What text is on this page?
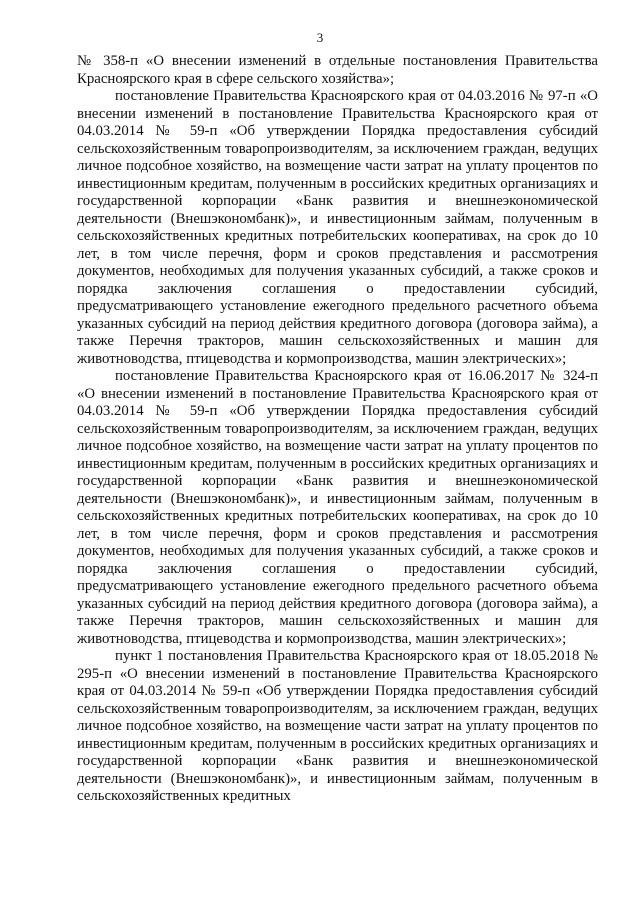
3

№ 358-п «О внесении изменений в отдельные постановления Правительства Красноярского края в сфере сельского хозяйства»;

постановление Правительства Красноярского края от 04.03.2016 № 97-п «О внесении изменений в постановление Правительства Красноярского края от 04.03.2014 № 59-п «Об утверждении Порядка предоставления субсидий сельскохозяйственным товаропроизводителям, за исключением граждан, ведущих личное подсобное хозяйство, на возмещение части затрат на уплату процентов по инвестиционным кредитам, полученным в российских кредитных организациях и государственной корпорации «Банк развития и внешнеэкономической деятельности (Внешэкономбанк)», и инвестиционным займам, полученным в сельскохозяйственных кредитных потребительских кооперативах, на срок до 10 лет, в том числе перечня, форм и сроков представления и рассмотрения документов, необходимых для получения указанных субсидий, а также сроков и порядка заключения соглашения о предоставлении субсидий, предусматривающего установление ежегодного предельного расчетного объема указанных субсидий на период действия кредитного договора (договора займа), а также Перечня тракторов, машин сельскохозяйственных и машин для животноводства, птицеводства и кормопроизводства, машин электрических»;

постановление Правительства Красноярского края от 16.06.2017 № 324-п «О внесении изменений в постановление Правительства Красноярского края от 04.03.2014 № 59-п «Об утверждении Порядка предоставления субсидий сельскохозяйственным товаропроизводителям, за исключением граждан, ведущих личное подсобное хозяйство, на возмещение части затрат на уплату процентов по инвестиционным кредитам, полученным в российских кредитных организациях и государственной корпорации «Банк развития и внешнеэкономической деятельности (Внешэкономбанк)», и инвестиционным займам, полученным в сельскохозяйственных кредитных потребительских кооперативах, на срок до 10 лет, в том числе перечня, форм и сроков представления и рассмотрения документов, необходимых для получения указанных субсидий, а также сроков и порядка заключения соглашения о предоставлении субсидий, предусматривающего установление ежегодного предельного расчетного объема указанных субсидий на период действия кредитного договора (договора займа), а также Перечня тракторов, машин сельскохозяйственных и машин для животноводства, птицеводства и кормопроизводства, машин электрических»;

пункт 1 постановления Правительства Красноярского края от 18.05.2018 № 295-п «О внесении изменений в постановление Правительства Красноярского края от 04.03.2014 № 59-п «Об утверждении Порядка предоставления субсидий сельскохозяйственным товаропроизводителям, за исключением граждан, ведущих личное подсобное хозяйство, на возмещение части затрат на уплату процентов по инвестиционным кредитам, полученным в российских кредитных организациях и государственной корпорации «Банк развития и внешнеэкономической деятельности (Внешэкономбанк)», и инвестиционным займам, полученным в сельскохозяйственных кредитных
